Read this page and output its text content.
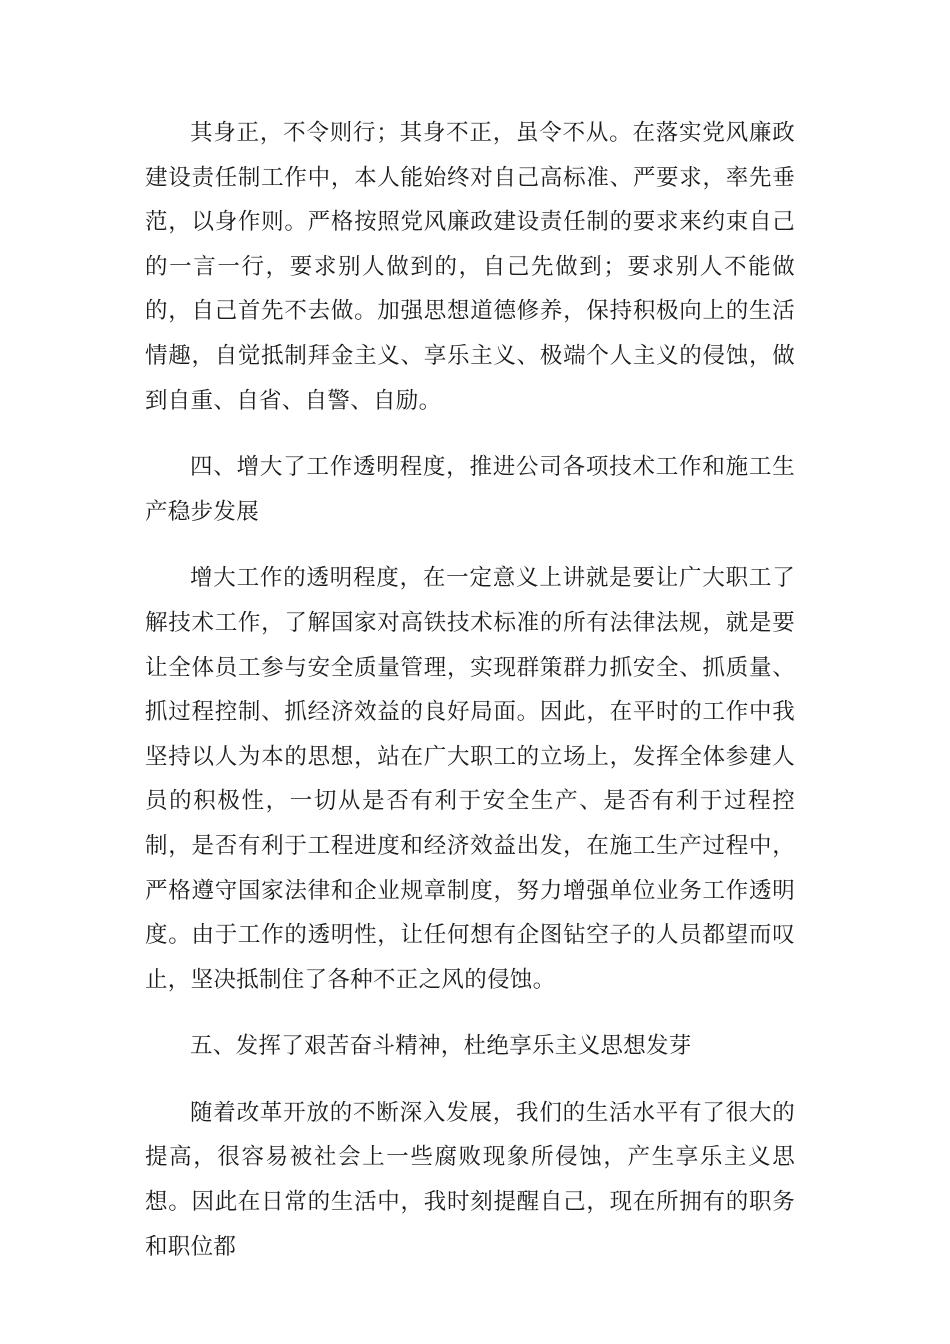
其身正，不令则行；其身不正，虽令不从。在落实党风廉政建设责任制工作中，本人能始终对自己高标准、严要求，率先垂范，以身作则。严格按照党风廉政建设责任制的要求来约束自己的一言一行，要求别人做到的，自己先做到；要求别人不能做的，自己首先不去做。加强思想道德修养，保持积极向上的生活情趣，自觉抵制拜金主义、享乐主义、极端个人主义的侵蚀，做到自重、自省、自警、自励。

四、增大了工作透明程度，推进公司各项技术工作和施工生产稳步发展

增大工作的透明程度，在一定意义上讲就是要让广大职工了解技术工作，了解国家对高铁技术标准的所有法律法规，就是要让全体员工参与安全质量管理，实现群策群力抓安全、抓质量、抓过程控制、抓经济效益的良好局面。因此，在平时的工作中我坚持以人为本的思想，站在广大职工的立场上，发挥全体参建人员的积极性，一切从是否有利于安全生产、是否有利于过程控制，是否有利于工程进度和经济效益出发，在施工生产过程中，严格遵守国家法律和企业规章制度，努力增强单位业务工作透明度。由于工作的透明性，让任何想有企图钻空子的人员都望而叹止，坚决抵制住了各种不正之风的侵蚀。

五、发挥了艰苦奋斗精神，杜绝享乐主义思想发芽

随着改革开放的不断深入发展，我们的生活水平有了很大的提高，很容易被社会上一些腐败现象所侵蚀，产生享乐主义思想。因此在日常的生活中，我时刻提醒自己，现在所拥有的职务和职位都
